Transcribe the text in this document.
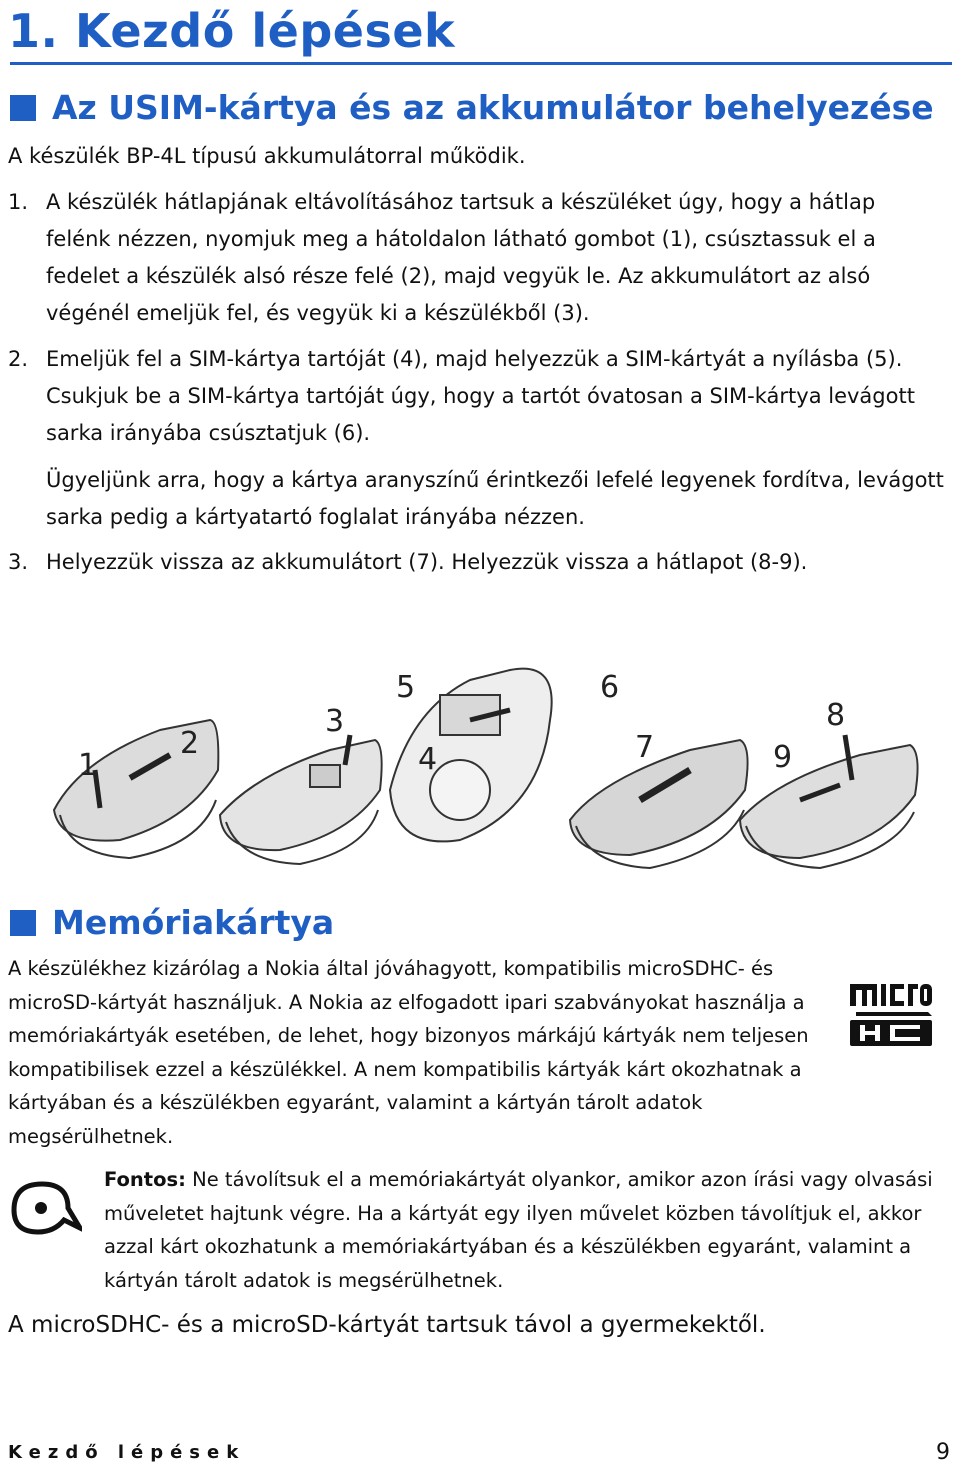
1. Kezdő lépések
Az USIM-kártya és az akkumulátor behelyezése

A készülék BP-4L típusú akkumulátorral működik.

1. A készülék hátlapjának eltávolításához tartsuk a készüléket úgy, hogy a hátlap felénk nézzen, nyomjuk meg a hátoldalon látható gombot (1), csúsztassuk el a fedelet a készülék alsó része felé (2), majd vegyük le. Az akkumulátort az alsó végénél emeljük fel, és vegyük ki a készülékből (3).
2. Emeljük fel a SIM-kártya tartóját (4), majd helyezzük a SIM-kártyát a nyílásba (5). Csukjuk be a SIM-kártya tartóját úgy, hogy a tartót óvatosan a SIM-kártya levágott sarka irányába csúsztatjuk (6).
Ügyeljünk arra, hogy a kártya aranyszínű érintkezői lefelé legyenek fordítva, levágott sarka pedig a kártyatartó foglalat irányába nézzen.
3. Helyezzük vissza az akkumulátort (7). Helyezzük vissza a hátlapot (8-9).
1
2
3
4
5	6
7
8
9
Memóriakártya

A készülékhez kizárólag a Nokia által jóváhagyott, kompatibilis microSDHC- és microSD-kártyát használjuk. A Nokia az elfogadott ipari szabványokat használja a memóriakártyák esetében, de lehet, hogy bizonyos márkájú kártyák nem teljesen kompatibilisek ezzel a készülékkel. A nem kompatibilis kártyák kárt okozhatnak a kártyában és a készülékben egyaránt, valamint a kártyán tárolt adatok megsérülhetnek.

Fontos: Ne távolítsuk el a memóriakártyát olyankor, amikor azon írási vagy olvasási műveletet hajtunk végre. Ha a kártyát egy ilyen művelet közben távolítjuk el, akkor azzal kárt okozhatunk a memóriakártyában és a készülékben egyaránt, valamint a kártyán tárolt adatok is megsérülhetnek.

A microSDHC- és a microSD-kártyát tartsuk távol a gyermekektől.

Kezdő lépések	9
